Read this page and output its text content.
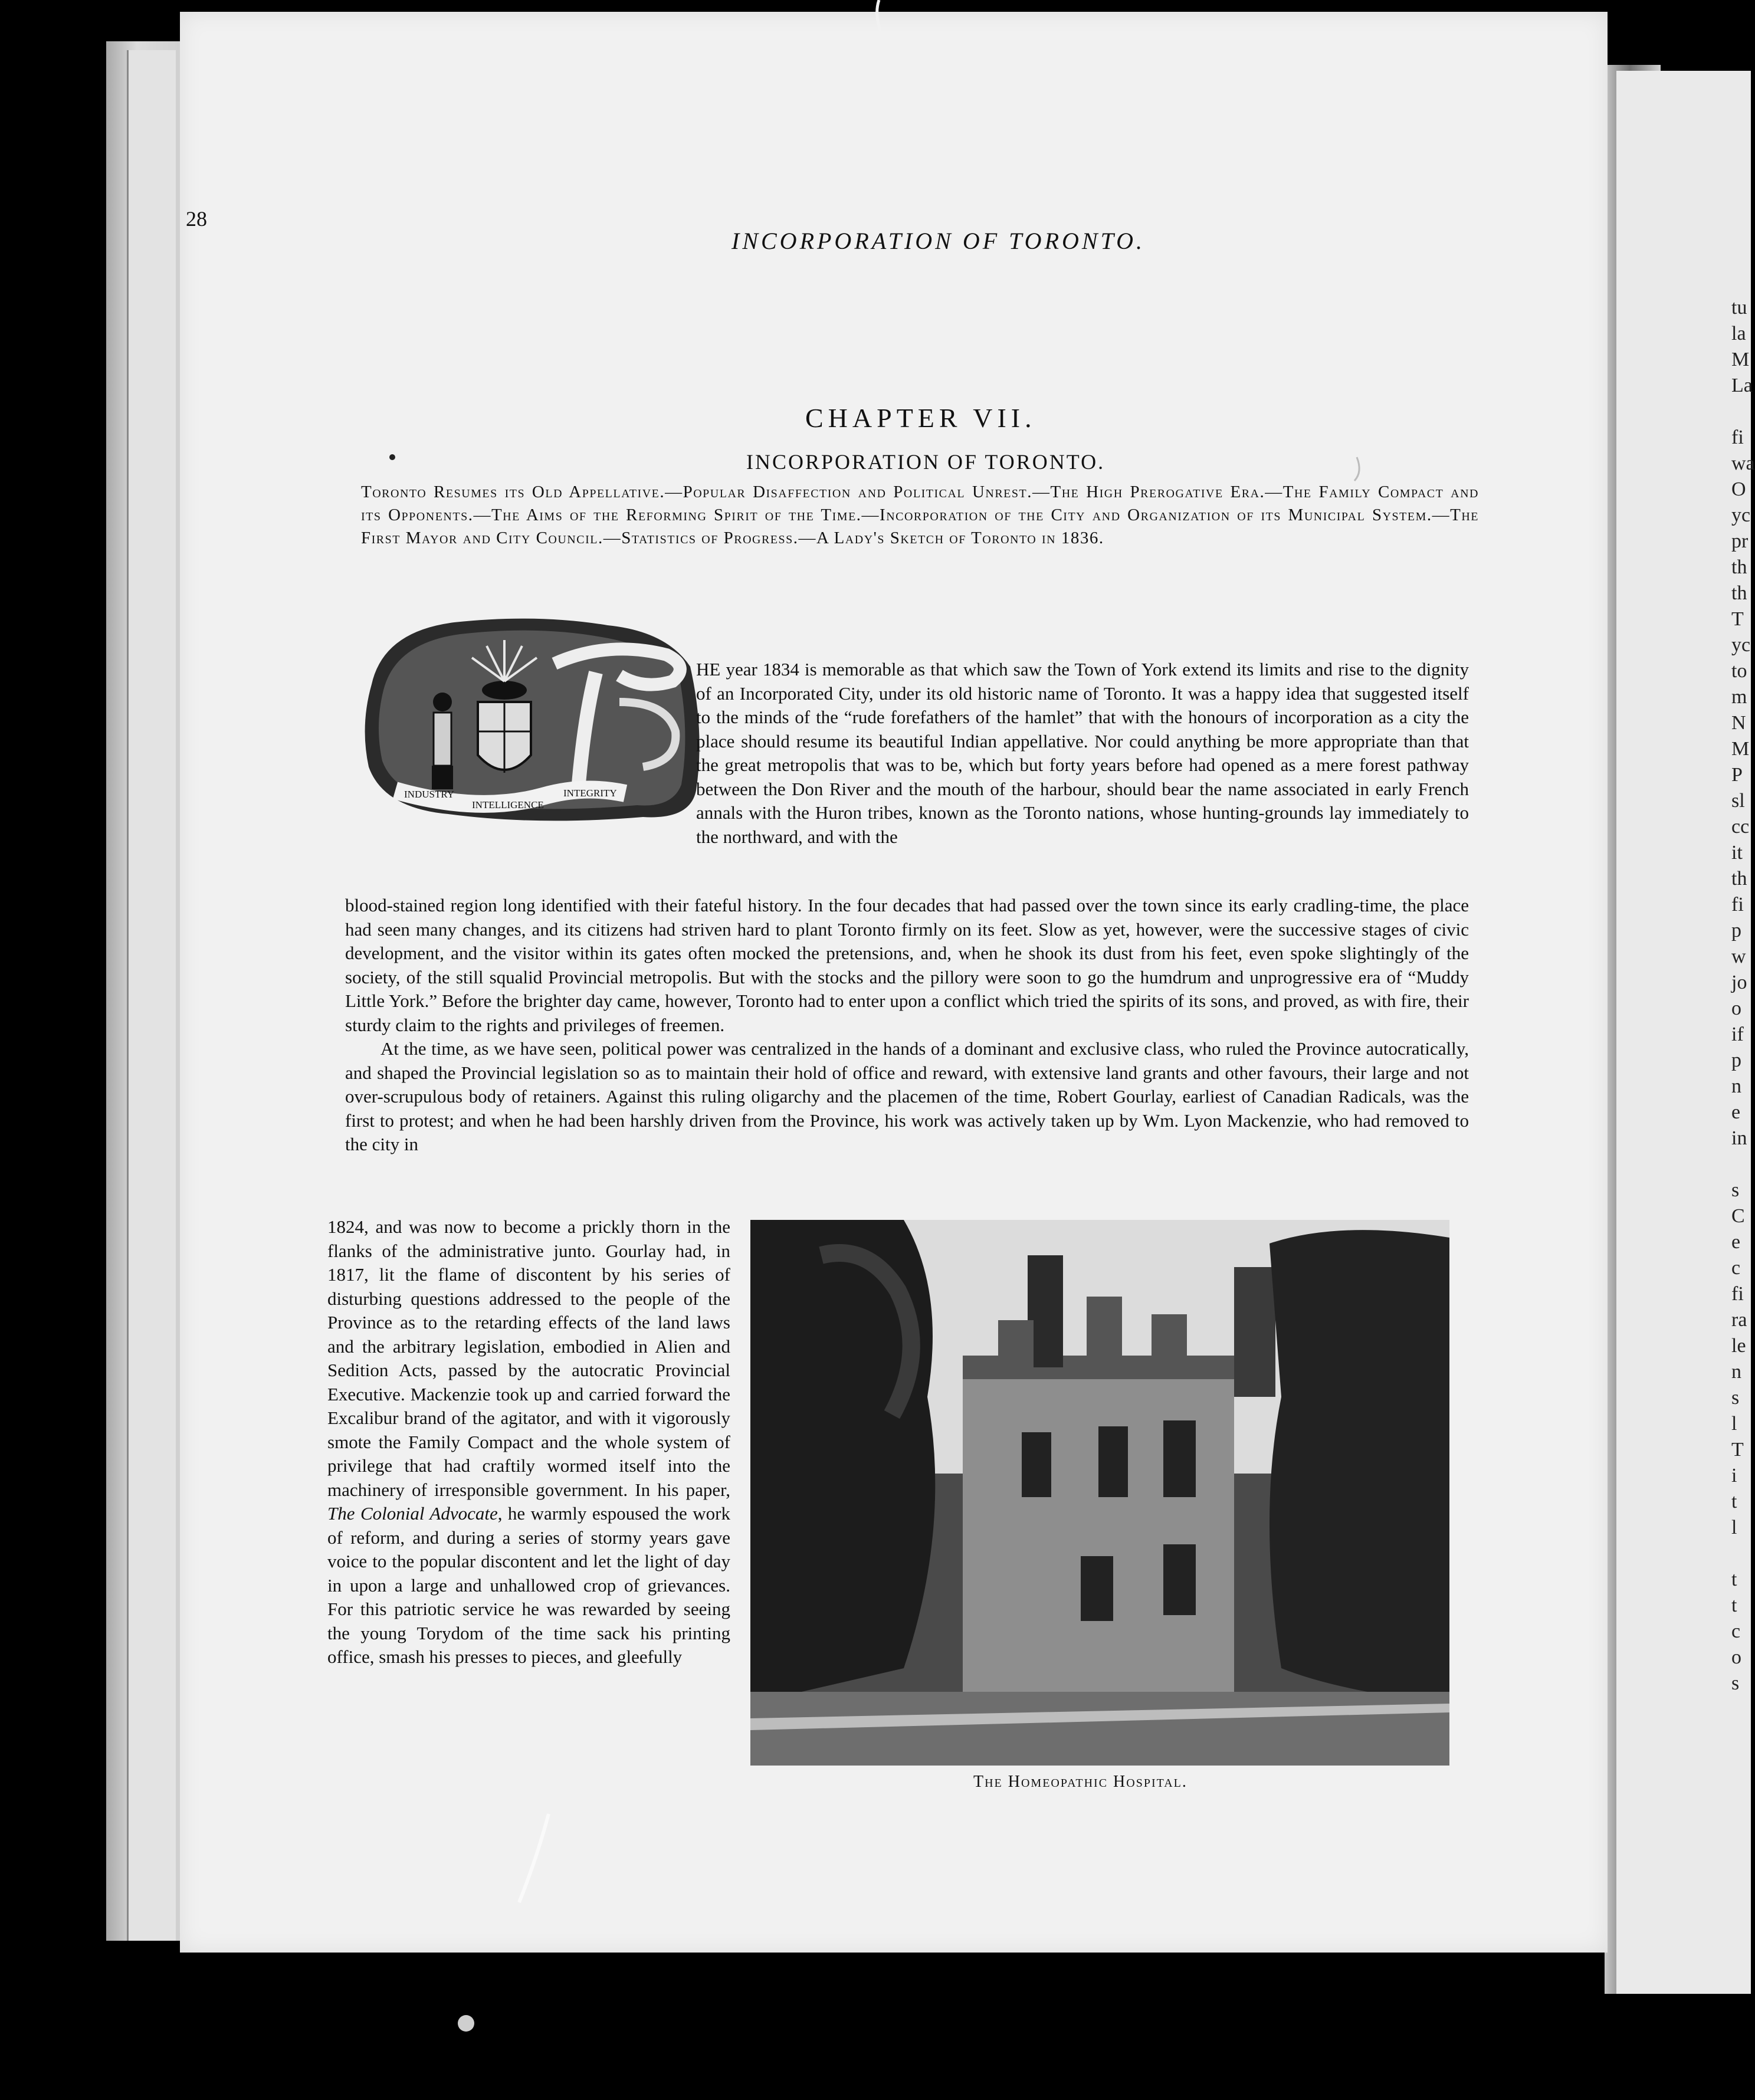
tu
la
M
La

fi
wa
O
yc
pr
th
th
T
yc
to
m
N
M
P
sl
cc
it
th
fi
p
w
jo
o
if
p
n
e
in

s
C
e
c
fi
ra
le
n
s
l
T
i
t
l

t
t
c
o
s
28
INCORPORATION OF TORONTO.
CHAPTER VII.
INCORPORATION OF TORONTO.
Toronto Resumes its Old Appellative.—Popular Disaffection and Political Unrest.—The High Prerogative Era.—The Family Compact and its Opponents.—The Aims of the Reforming Spirit of the Time.—Incorporation of the City and Organization of its Municipal System.—The First Mayor and City Council.—Statistics of Progress.—A Lady's Sketch of Toronto in 1836.
INDUSTRY
INTELLIGENCE
INTEGRITY
HE year 1834 is memorable as that which saw the Town of York extend its limits and rise to the dignity of an Incorporated City, under its old historic name of Toronto. It was a happy idea that suggested itself to the minds of the “rude forefathers of the hamlet” that with the honours of incorporation as a city the place should resume its beautiful Indian appellative. Nor could anything be more appropriate than that the great metropolis that was to be, which but forty years before had opened as a mere forest pathway between the Don River and the mouth of the harbour, should bear the name associated in early French annals with the Huron tribes, known as the Toronto nations, whose hunting-grounds lay immediately to the northward, and with the

blood-stained region long identified with their fateful history. In the four decades that had passed over the town since its early cradling-time, the place had seen many changes, and its citizens had striven hard to plant Toronto firmly on its feet. Slow as yet, however, were the successive stages of civic development, and the visitor within its gates often mocked the pretensions, and, when he shook its dust from his feet, even spoke slightingly of the society, of the still squalid Provincial metropolis. But with the stocks and the pillory were soon to go the humdrum and unprogressive era of “Muddy Little York.” Before the brighter day came, however, Toronto had to enter upon a conflict which tried the spirits of its sons, and proved, as with fire, their sturdy claim to the rights and privileges of freemen.

At the time, as we have seen, political power was centralized in the hands of a dominant and exclusive class, who ruled the Province autocratically, and shaped the Provincial legislation so as to maintain their hold of office and reward, with extensive land grants and other favours, their large and not over-scrupulous body of retainers. Against this ruling oligarchy and the placemen of the time, Robert Gourlay, earliest of Canadian Radicals, was the first to protest; and when he had been harshly driven from the Province, his work was actively taken up by Wm. Lyon Mackenzie, who had removed to the city in

1824, and was now to become a prickly thorn in the flanks of the administrative junto. Gourlay had, in 1817, lit the flame of discontent by his series of disturbing questions addressed to the people of the Province as to the retarding effects of the land laws and the arbitrary legislation, embodied in Alien and Sedition Acts, passed by the autocratic Provincial Executive. Mackenzie took up and carried forward the Excalibur brand of the agitator, and with it vigorously smote the Family Compact and the whole system of privilege that had craftily wormed itself into the machinery of irresponsible government. In his paper, The Colonial Advocate, he warmly espoused the work of reform, and during a series of stormy years gave voice to the popular discontent and let the light of day in upon a large and unhallowed crop of grievances. For this patriotic service he was rewarded by seeing the young Torydom of the time sack his printing office, smash his presses to pieces, and gleefully

The Homeopathic Hospital.
